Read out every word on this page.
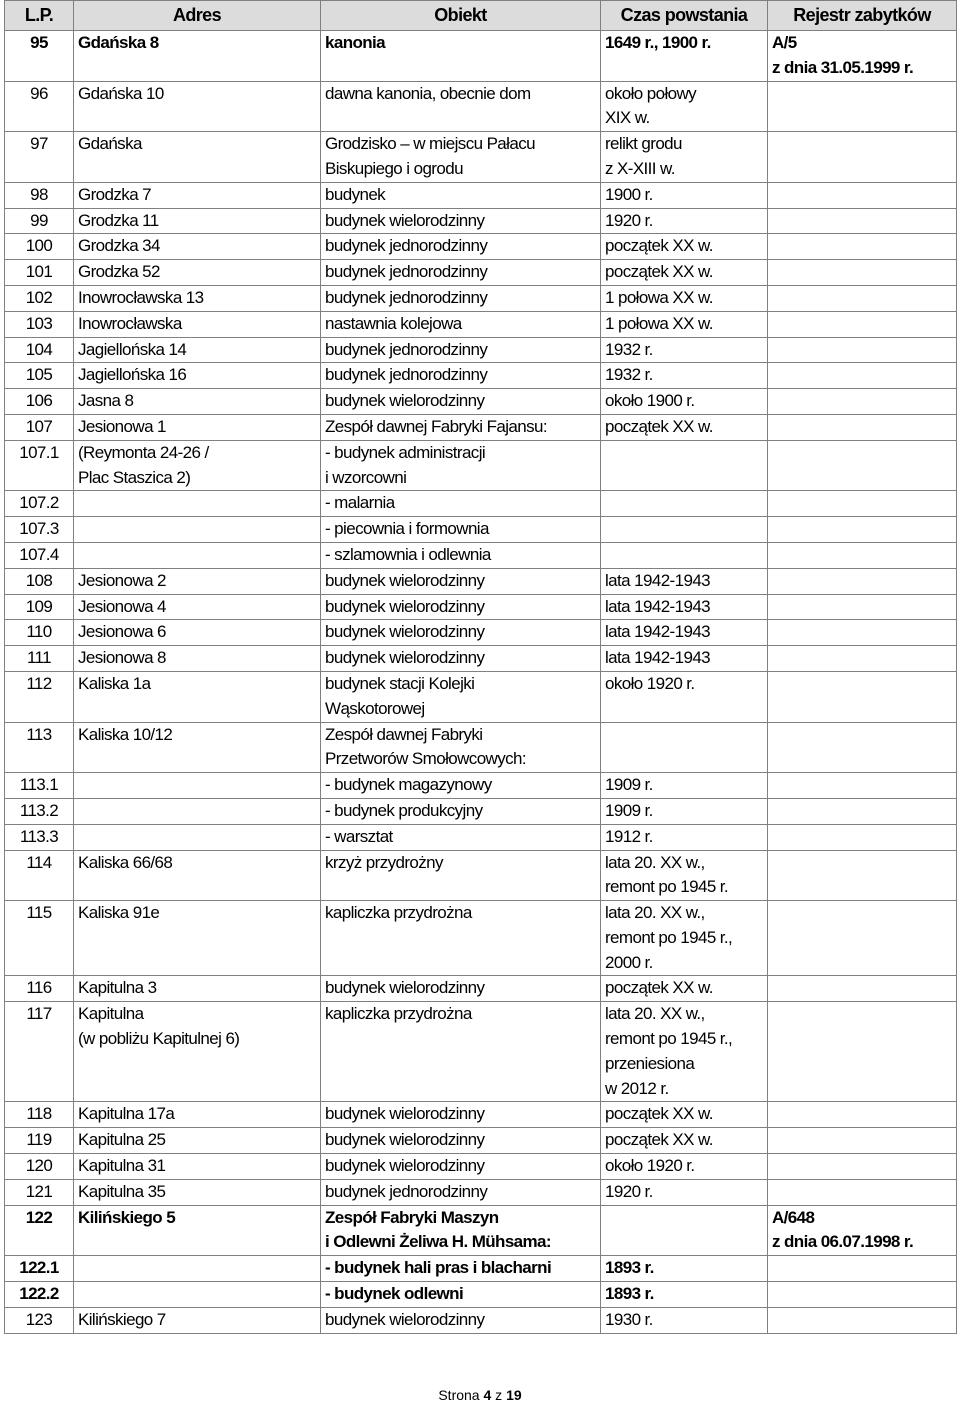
L.P.	Adres	Obiekt	Czas powstania	Rejestr zabytków
95	Gdańska 8	kanonia	1649 r., 1900 r.	A/5
z dnia 31.05.1999 r.
96	Gdańska 10	dawna kanonia, obecnie dom	około połowy
XIX w.	
97	Gdańska	Grodzisko – w miejscu Pałacu
Biskupiego i ogrodu	relikt grodu
z X-XIII w.	
98	Grodzka 7	budynek	1900 r.	
99	Grodzka 11	budynek wielorodzinny	1920 r.	
100	Grodzka 34	budynek jednorodzinny	początek XX w.	
101	Grodzka 52	budynek jednorodzinny	początek XX w.	
102	Inowrocławska 13	budynek jednorodzinny	1 połowa XX w.	
103	Inowrocławska	nastawnia kolejowa	1 połowa XX w.	
104	Jagiellońska 14	budynek jednorodzinny	1932 r.	
105	Jagiellońska 16	budynek jednorodzinny	1932 r.	
106	Jasna 8	budynek wielorodzinny	około 1900 r.	
107	Jesionowa 1	Zespół dawnej Fabryki Fajansu:	początek XX w.	
107.1	(Reymonta 24-26 /
Plac Staszica 2)	- budynek administracji
i wzorcowni		
107.2		- malarnia		
107.3		- piecownia i formownia		
107.4		- szlamownia i odlewnia		
108	Jesionowa 2	budynek wielorodzinny	lata 1942-1943	
109	Jesionowa 4	budynek wielorodzinny	lata 1942-1943	
110	Jesionowa 6	budynek wielorodzinny	lata 1942-1943	
111	Jesionowa 8	budynek wielorodzinny	lata 1942-1943	
112	Kaliska 1a	budynek stacji Kolejki
Wąskotorowej	około 1920 r.	
113	Kaliska 10/12	Zespół dawnej Fabryki
Przetworów Smołowcowych:		
113.1		- budynek magazynowy	1909 r.	
113.2		- budynek produkcyjny	1909 r.	
113.3		- warsztat	1912 r.	
114	Kaliska 66/68	krzyż przydrożny	lata 20. XX w.,
remont po 1945 r.	
115	Kaliska 91e	kapliczka przydrożna	lata 20. XX w.,
remont po 1945 r.,
2000 r.	
116	Kapitulna 3	budynek wielorodzinny	początek XX w.

117	Kapitulna
(w pobliżu Kapitulnej 6)	kapliczka przydrożna	lata 20. XX w.,
remont po 1945 r.,
przeniesiona
w 2012 r.	
118	Kapitulna 17a	budynek wielorodzinny	początek XX w.	
119	Kapitulna 25	budynek wielorodzinny	początek XX w.	
120	Kapitulna 31	budynek wielorodzinny	około 1920 r.	
121	Kapitulna 35	budynek jednorodzinny	1920 r.	
122	Kilińskiego 5	Zespół Fabryki Maszyn
i Odlewni Żeliwa H. Mühsama:		A/648
z dnia 06.07.1998 r.
122.1		- budynek hali pras i blacharni	1893 r.	
122.2		- budynek odlewni	1893 r.	
123	Kilińskiego 7	budynek wielorodzinny	1930 r.	
Strona 4 z 19
